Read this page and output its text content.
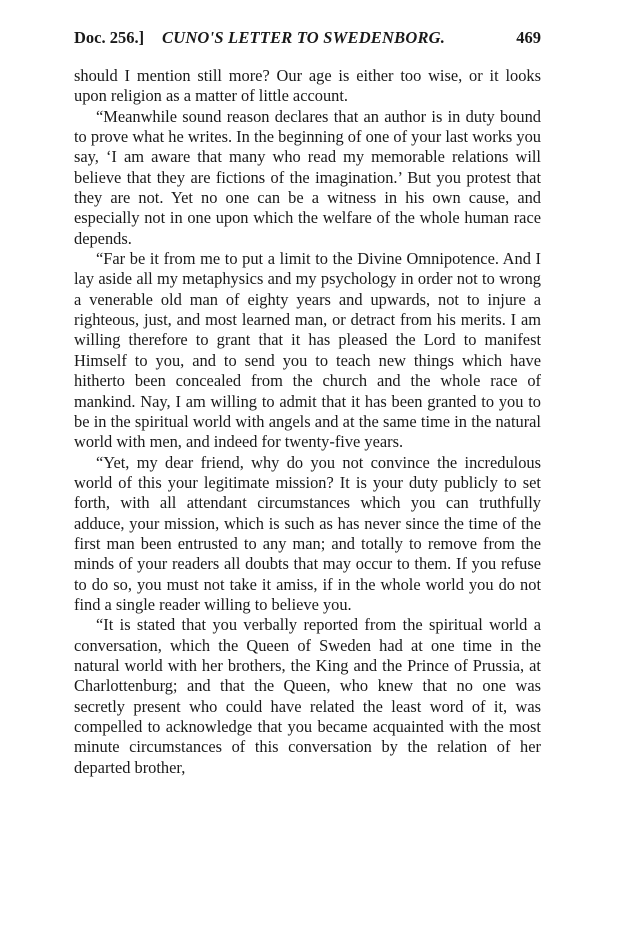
Doc. 256.] CUNO'S LETTER TO SWEDENBORG.	469

should I mention still more? Our age is either too wise, or it looks upon religion as a matter of little account.

“Meanwhile sound reason declares that an author is in duty bound to prove what he writes. In the beginning of one of your last works you say, ‘I am aware that many who read my memorable relations will believe that they are fictions of the imagination.’ But you protest that they are not. Yet no one can be a witness in his own cause, and especially not in one upon which the welfare of the whole human race depends.

“Far be it from me to put a limit to the Divine Omnipotence. And I lay aside all my metaphysics and my psychology in order not to wrong a venerable old man of eighty years and upwards, not to injure a righteous, just, and most learned man, or detract from his merits. I am willing therefore to grant that it has pleased the Lord to manifest Himself to you, and to send you to teach new things which have hitherto been concealed from the church and the whole race of mankind. Nay, I am willing to admit that it has been granted to you to be in the spiritual world with angels and at the same time in the natural world with men, and indeed for twenty-five years.

“Yet, my dear friend, why do you not convince the incredulous world of this your legitimate mission? It is your duty publicly to set forth, with all attendant circumstances which you can truthfully adduce, your mission, which is such as has never since the time of the first man been entrusted to any man; and totally to remove from the minds of your readers all doubts that may occur to them. If you refuse to do so, you must not take it amiss, if in the whole world you do not find a single reader willing to believe you.

“It is stated that you verbally reported from the spiritual world a conversation, which the Queen of Sweden had at one time in the natural world with her brothers, the King and the Prince of Prussia, at Charlottenburg; and that the Queen, who knew that no one was secretly present who could have related the least word of it, was compelled to acknowledge that you became acquainted with the most minute circumstances of this conversation by the relation of her departed brother,
